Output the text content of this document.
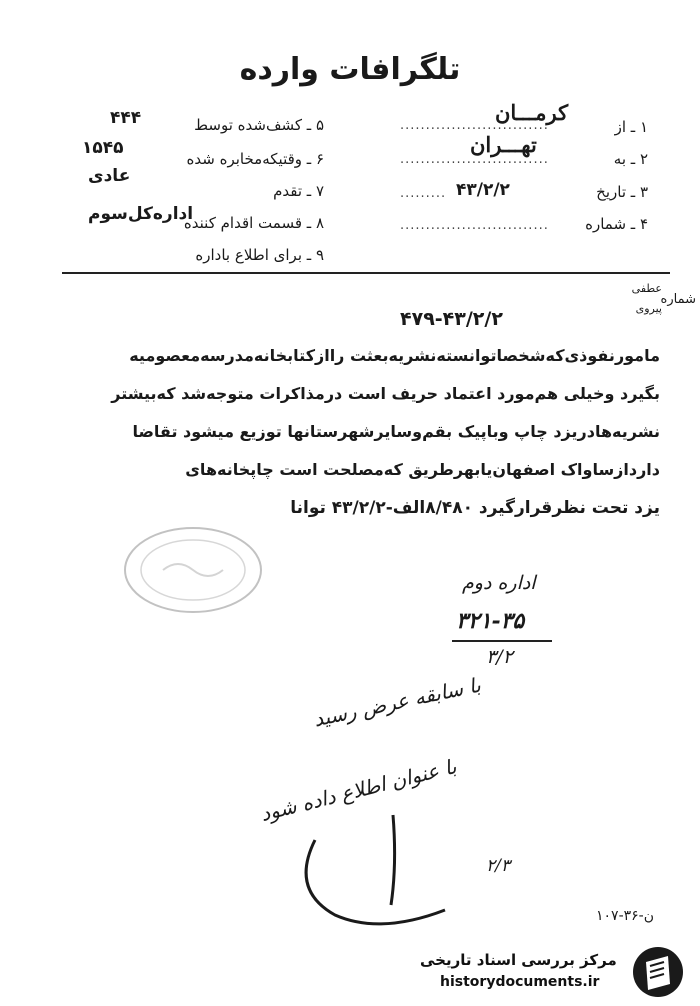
تلگرافات وارده
۱ ـ از
.............................
کرمـــان
۲ ـ به
.............................
تهـــران
۳ ـ تاریخ
......... ۴۳/۲/۲
۴ ـ شماره
.............................
۵ ـ کشف‌شده توسط
۴۴۴
۶ ـ وقتیکه‌مخابره شده
۱۵۴۵
۷ ـ تقدم
عادی
۸ ـ قسمت اقدام کننده
اداره‌کل‌سوم
۹ ـ برای اطلاع باداره
شماره
عطفی
پیروی
۴۷۹-۴۳/۲/۲
مامورنفوذی‌که‌شخصاتوانسته‌نشریه‌بعثت راازکتابخانه‌مدرسه‌معصومیه
بگیرد وخیلی هم‌مورد اعتماد حریف است درمذاکرات متوجه‌شد که‌بیشتر
نشریه‌هادریزد چاپ وباپیک بقم‌وسایرشهرستانها توزیع میشود تقاضا
داردازساواک اصفهان‌یابهرطریق که‌مصلحت است چاپخانه‌های
یزد تحت نظرقرارگیرد ۸/۴۸۰الف-۴۳/۲/۲ توانا
اداره دوم
۳۲۱-۳۵
۳/۲
با سابقه عرض رسید
با عنوان اطلاع داده شود
۲/۳
ن-۳۶-۱۰۷
مرکز بررسی اسناد تاریخی
historydocuments.ir
